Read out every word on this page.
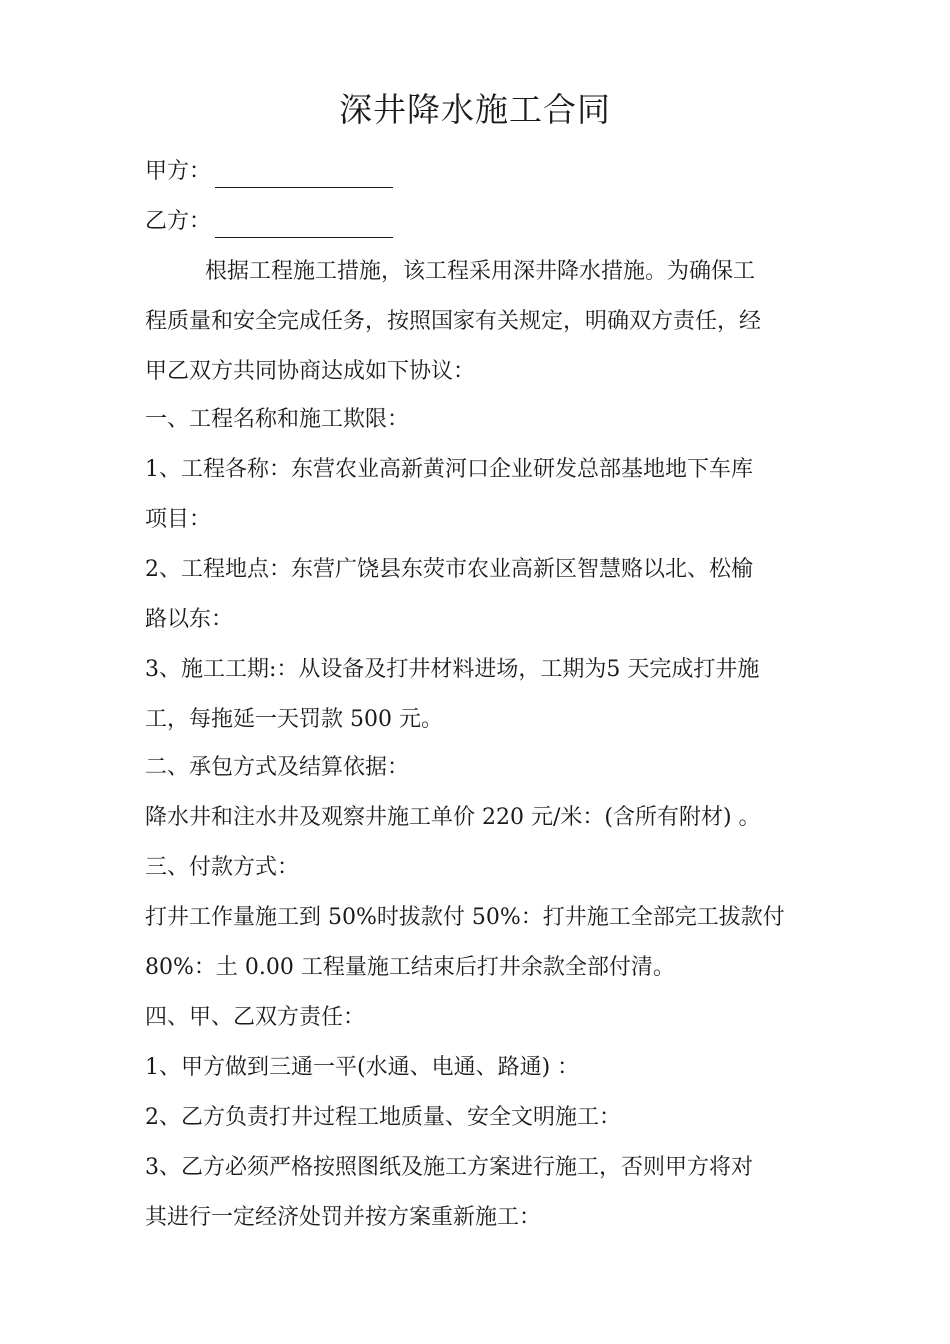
深井降水施工合同
甲方：
乙方：
根据工程施工措施，该工程采用深井降水措施。为确保工
程质量和安全完成任务，按照国家有关规定，明确双方责任，经
甲乙双方共同协商达成如下协议：
一、工程名称和施工欺限：
1、工程各称：东营农业高新黄河口企业研发总部基地地下车库
项目：
2、工程地点：东营广饶县东荧市农业高新区智慧赂以北、松榆
路以东：
3、施工工期:：从设备及打井材料进场，工期为5 天完成打井施
工，每拖延一天罚款 500 元。
二、承包方式及结算依据：
降水井和注水井及观察井施工单价 220 元/米：(含所有附材) 。
三、付款方式：
打井工作量施工到 50%时拔款付 50%：打井施工全部完工拔款付
80%：土 0.00 工程量施工结束后打井余款全部付清。
四、甲、乙双方责任：
1、甲方做到三通一平(水通、电通、路通) ：
2、乙方负责打井过程工地质量、安全文明施工：
3、乙方必须严格按照图纸及施工方案进行施工，否则甲方将对
其进行一定经济处罚并按方案重新施工：
